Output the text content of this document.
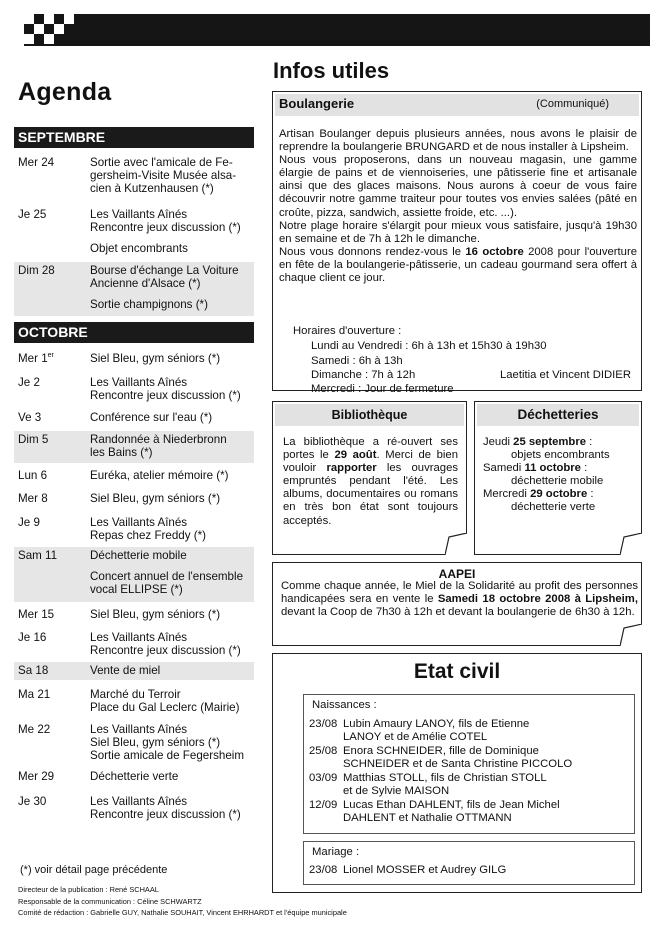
Agenda
SEPTEMBRE
Mer 24	Sortie avec l'amicale de Fe-
gersheim-Visite Musée alsa-
cien à Kutzenhausen (*)
Je 25	Les Vaillants Aînés
Rencontre jeux discussion (*)
Objet encombrants
Dim 28	Bourse d'échange La Voiture
Ancienne d'Alsace (*)
Sortie champignons (*)
OCTOBRE
Mer 1er	Siel Bleu, gym séniors (*)
Je 2	Les Vaillants Aînés
Rencontre jeux discussion (*)
Ve 3	Conférence sur l'eau (*)
Dim 5	Randonnée à Niederbronn
les Bains (*)
Lun 6	Euréka, atelier mémoire (*)
Mer 8	Siel Bleu, gym séniors (*)
Je 9	Les Vaillants Aînés
Repas chez Freddy (*)
Sam 11	Déchetterie mobile
Concert annuel de l'ensemble
vocal ELLIPSE (*)
Mer 15	Siel Bleu, gym séniors (*)
Je 16	Les Vaillants Aînés
Rencontre jeux discussion (*)
Sa 18	Vente de miel
Ma 21	Marché du Terroir
Place du Gal Leclerc (Mairie)
Me 22	Les Vaillants Aînés
Siel Bleu, gym séniors (*)
Sortie amicale de Fegersheim
Mer 29	Déchetterie verte
Je 30	Les Vaillants Aînés
Rencontre jeux discussion (*)
(*) voir détail page précédente
Directeur de la publication : René SCHAAL
Responsable de la communication : Céline SCHWARTZ
Comité de rédaction : Gabrielle GUY, Nathalie SOUHAIT, Vincent EHRHARDT et l'équipe municipale
Infos utiles
Boulangerie	(Communiqué)
Artisan Boulanger depuis plusieurs années, nous avons le plaisir de reprendre la boulangerie BRUNGARD et de nous installer à Lipsheim.
Nous vous proposerons, dans un nouveau magasin, une gamme élargie de pains et de viennoiseries, une pâtisserie fine et artisanale ainsi que des glaces maisons. Nous aurons à coeur de vous faire découvrir notre gamme traiteur pour toutes vos envies salées (pâté en croûte, pizza, sandwich, assiette froide, etc. ...).
Notre plage horaire s'élargit pour mieux vous satisfaire, jusqu'à 19h30 en semaine et de 7h à 12h le dimanche.
Nous vous donnons rendez-vous le 16 octobre 2008 pour l'ouverture en fête de la boulangerie-pâtisserie, un cadeau gourmand sera offert à chaque client ce jour.
Horaires d'ouverture :
Lundi au Vendredi : 6h à 13h et 15h30 à 19h30
Samedi : 6h à 13h
Dimanche : 7h à 12h
Mercredi : Jour de fermeture
Laetitia et Vincent DIDIER
Bibliothèque
La bibliothèque a ré-ouvert ses portes le 29 août. Merci de bien vouloir rapporter les ouvrages empruntés pendant l'été. Les albums, documentaires ou romans en très bon état sont toujours acceptés.
Déchetteries
Jeudi 25 septembre :
objets encombrants
Samedi 11 octobre :
déchetterie mobile
Mercredi 29 octobre :
déchetterie verte
AAPEI
Comme chaque année, le Miel de la Solidarité au profit des personnes handicapées sera en vente le Samedi 18 octobre 2008 à Lipsheim, devant la Coop de 7h30 à 12h et devant la boulangerie de 6h30 à 12h.
Etat civil
Naissances :
23/08 Lubin Amaury LANOY, fils de Etienne
LANOY et de Amélie COTEL
25/08 Enora SCHNEIDER, fille de Dominique
SCHNEIDER et de Santa Christine PICCOLO
03/09 Matthias STOLL, fils de Christian STOLL
et de Sylvie MAISON
12/09 Lucas Ethan DAHLENT, fils de Jean Michel
DAHLENT et Nathalie OTTMANN
Mariage :
23/08 Lionel MOSSER et Audrey GILG
